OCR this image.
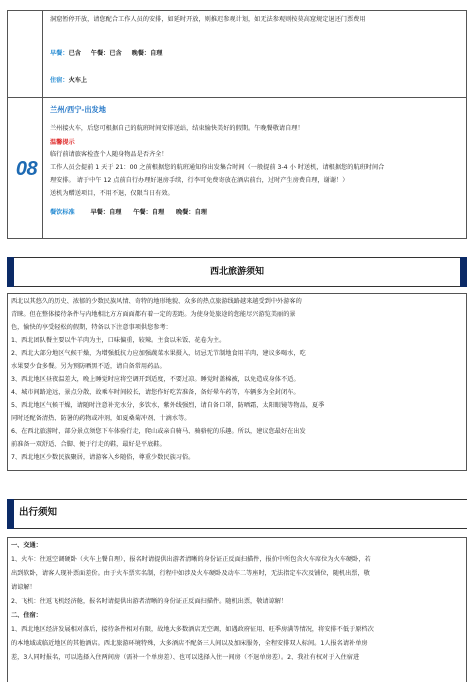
洞窟暂停开放，请您配合工作人员的安排，如延时开放，则推迟参观计划，如无法参观则按莫高窟规定退还门票费用
早餐：已含 午餐：已含 晚餐：自理
住宿：火车上
08
兰州/西宁-出发地
兰州接火车，后您可根据自己的航班时间安排送站，结束愉快美好的假期。午晚餐敬请自理！
温馨提示
临行前请旅客检查个人随身物品是否齐全！
工作人员会提前 1 天于 21：00 之前根据您的航班通知你出发集合时间（一般提前 3-4 小 时送机，请根据您的航班时间合
理安排。 请于中午 12 点前自行办理好退房手续，行李可免费寄放在酒店前台，过时产生房费自理，谢谢！）
送机为赠送项目，不用不退，仅限当日有效。
餐饮标准	早餐：自理 午餐：自理 晚餐：自理
西北旅游须知
西北以其悠久的历史、浓郁的少数民族风情、奇特的地形地貌、众多的热点旅游线路越来越受到中外游客的
青睐。但在整体接待条件与内地相比方方面面都有着一定的差距。为使身处旅途的您能尽兴游览美丽的景
色，愉快的享受轻松的假期，特备以下注意事项供您参考：
1、西北团队餐主要以牛羊肉为主，口味偏重，较辣。主食以米饭、花卷为主。
2、西北大部分地区气候干燥，为增强抵抗力应加强蔬菜水果摄入，切忌无节制地食用羊肉，建议多喝水，吃
水果要少食多餐。另为预防晒黑不适，请自备常用药品。
3、西北地区昼夜温差大，晚上睡觉时应将空调开到适度，不要过凉。睡觉时盖棉被，以免造成身体不适。
4、城市间路途远，景点分散，故乘车时间较长，请您作好吃苦准备，备好晕车药等，车辆多为全封闭车。
5、西北地区气候干燥，请随时注意补充水分，多饮水，紫外线强烈，请自备口罩，防晒霜，太阳眼镜等物品，夏季
同时还配备清热、防暑的药物或冲剂，如夏桑菊冲剂、十滴水等。
6、在西北旅游时，部分景点须您下车体验行走，爬山或亲自骑马、骑骆驼的乐趣。所以，建议您最好在出发
前准备一双舒适、合脚、便于行走的鞋，最好是平底鞋。
7、西北地区少数民族聚居，请游客入乡随俗，尊重少数民族习俗。
出行须知
一、交通：
1、火车：往返空调硬卧（火车上餐自理），报名时请提供出游者清晰的身份证正反面扫描件，报价中所包含火车席位为火车硬卧，若
出到软卧，请客人现补票面差价。由于火车票实名制，行程中如涉及火车硬卧及动车二等座时，无法指定车次及铺位，随机出票，敬
请谅解！
2、飞机：往返飞机经济舱，报名时请提供出游者清晰的身份证正反面扫描件。随机出票，敬请谅解！
二、住宿：
1、西北地区经济发展相对落后，接待条件相对有限，故地大多数酒店无空调，如遇政府征用、旺季房满等情况，将安排不低于原档次
的本地域或临近地区的其他酒店。西北旅游环境特殊，大多酒店不配备三人间以及加床服务，全程安排双人标间。1人报名请补单房
差，3人同时报名，可以选择入住两间房（需补一个单房差）、也可以选择入住一间房（不退单房差）。2、我社有权对于入住宿进
